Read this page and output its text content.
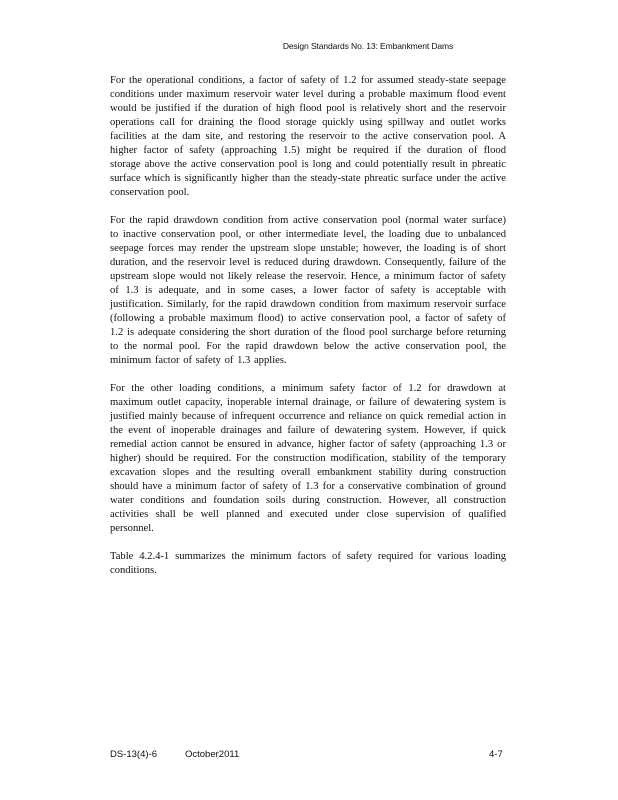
Design Standards No. 13: Embankment Dams

For the operational conditions, a factor of safety of 1.2 for assumed steady-state seepage conditions under maximum reservoir water level during a probable maximum flood event would be justified if the duration of high flood pool is relatively short and the reservoir operations call for draining the flood storage quickly using spillway and outlet works facilities at the dam site, and restoring the reservoir to the active conservation pool. A higher factor of safety (approaching 1.5) might be required if the duration of flood storage above the active conservation pool is long and could potentially result in phreatic surface which is significantly higher than the steady-state phreatic surface under the active conservation pool.

For the rapid drawdown condition from active conservation pool (normal water surface) to inactive conservation pool, or other intermediate level, the loading due to unbalanced seepage forces may render the upstream slope unstable; however, the loading is of short duration, and the reservoir level is reduced during drawdown. Consequently, failure of the upstream slope would not likely release the reservoir. Hence, a minimum factor of safety of 1.3 is adequate, and in some cases, a lower factor of safety is acceptable with justification. Similarly, for the rapid drawdown condition from maximum reservoir surface (following a probable maximum flood) to active conservation pool, a factor of safety of 1.2 is adequate considering the short duration of the flood pool surcharge before returning to the normal pool. For the rapid drawdown below the active conservation pool, the minimum factor of safety of 1.3 applies.

For the other loading conditions, a minimum safety factor of 1.2 for drawdown at maximum outlet capacity, inoperable internal drainage, or failure of dewatering system is justified mainly because of infrequent occurrence and reliance on quick remedial action in the event of inoperable drainages and failure of dewatering system. However, if quick remedial action cannot be ensured in advance, higher factor of safety (approaching 1.3 or higher) should be required. For the construction modification, stability of the temporary excavation slopes and the resulting overall embankment stability during construction should have a minimum factor of safety of 1.3 for a conservative combination of ground water conditions and foundation soils during construction. However, all construction activities shall be well planned and executed under close supervision of qualified personnel.

Table 4.2.4-1 summarizes the minimum factors of safety required for various loading conditions.

DS-13(4)-6	October2011	4-7
